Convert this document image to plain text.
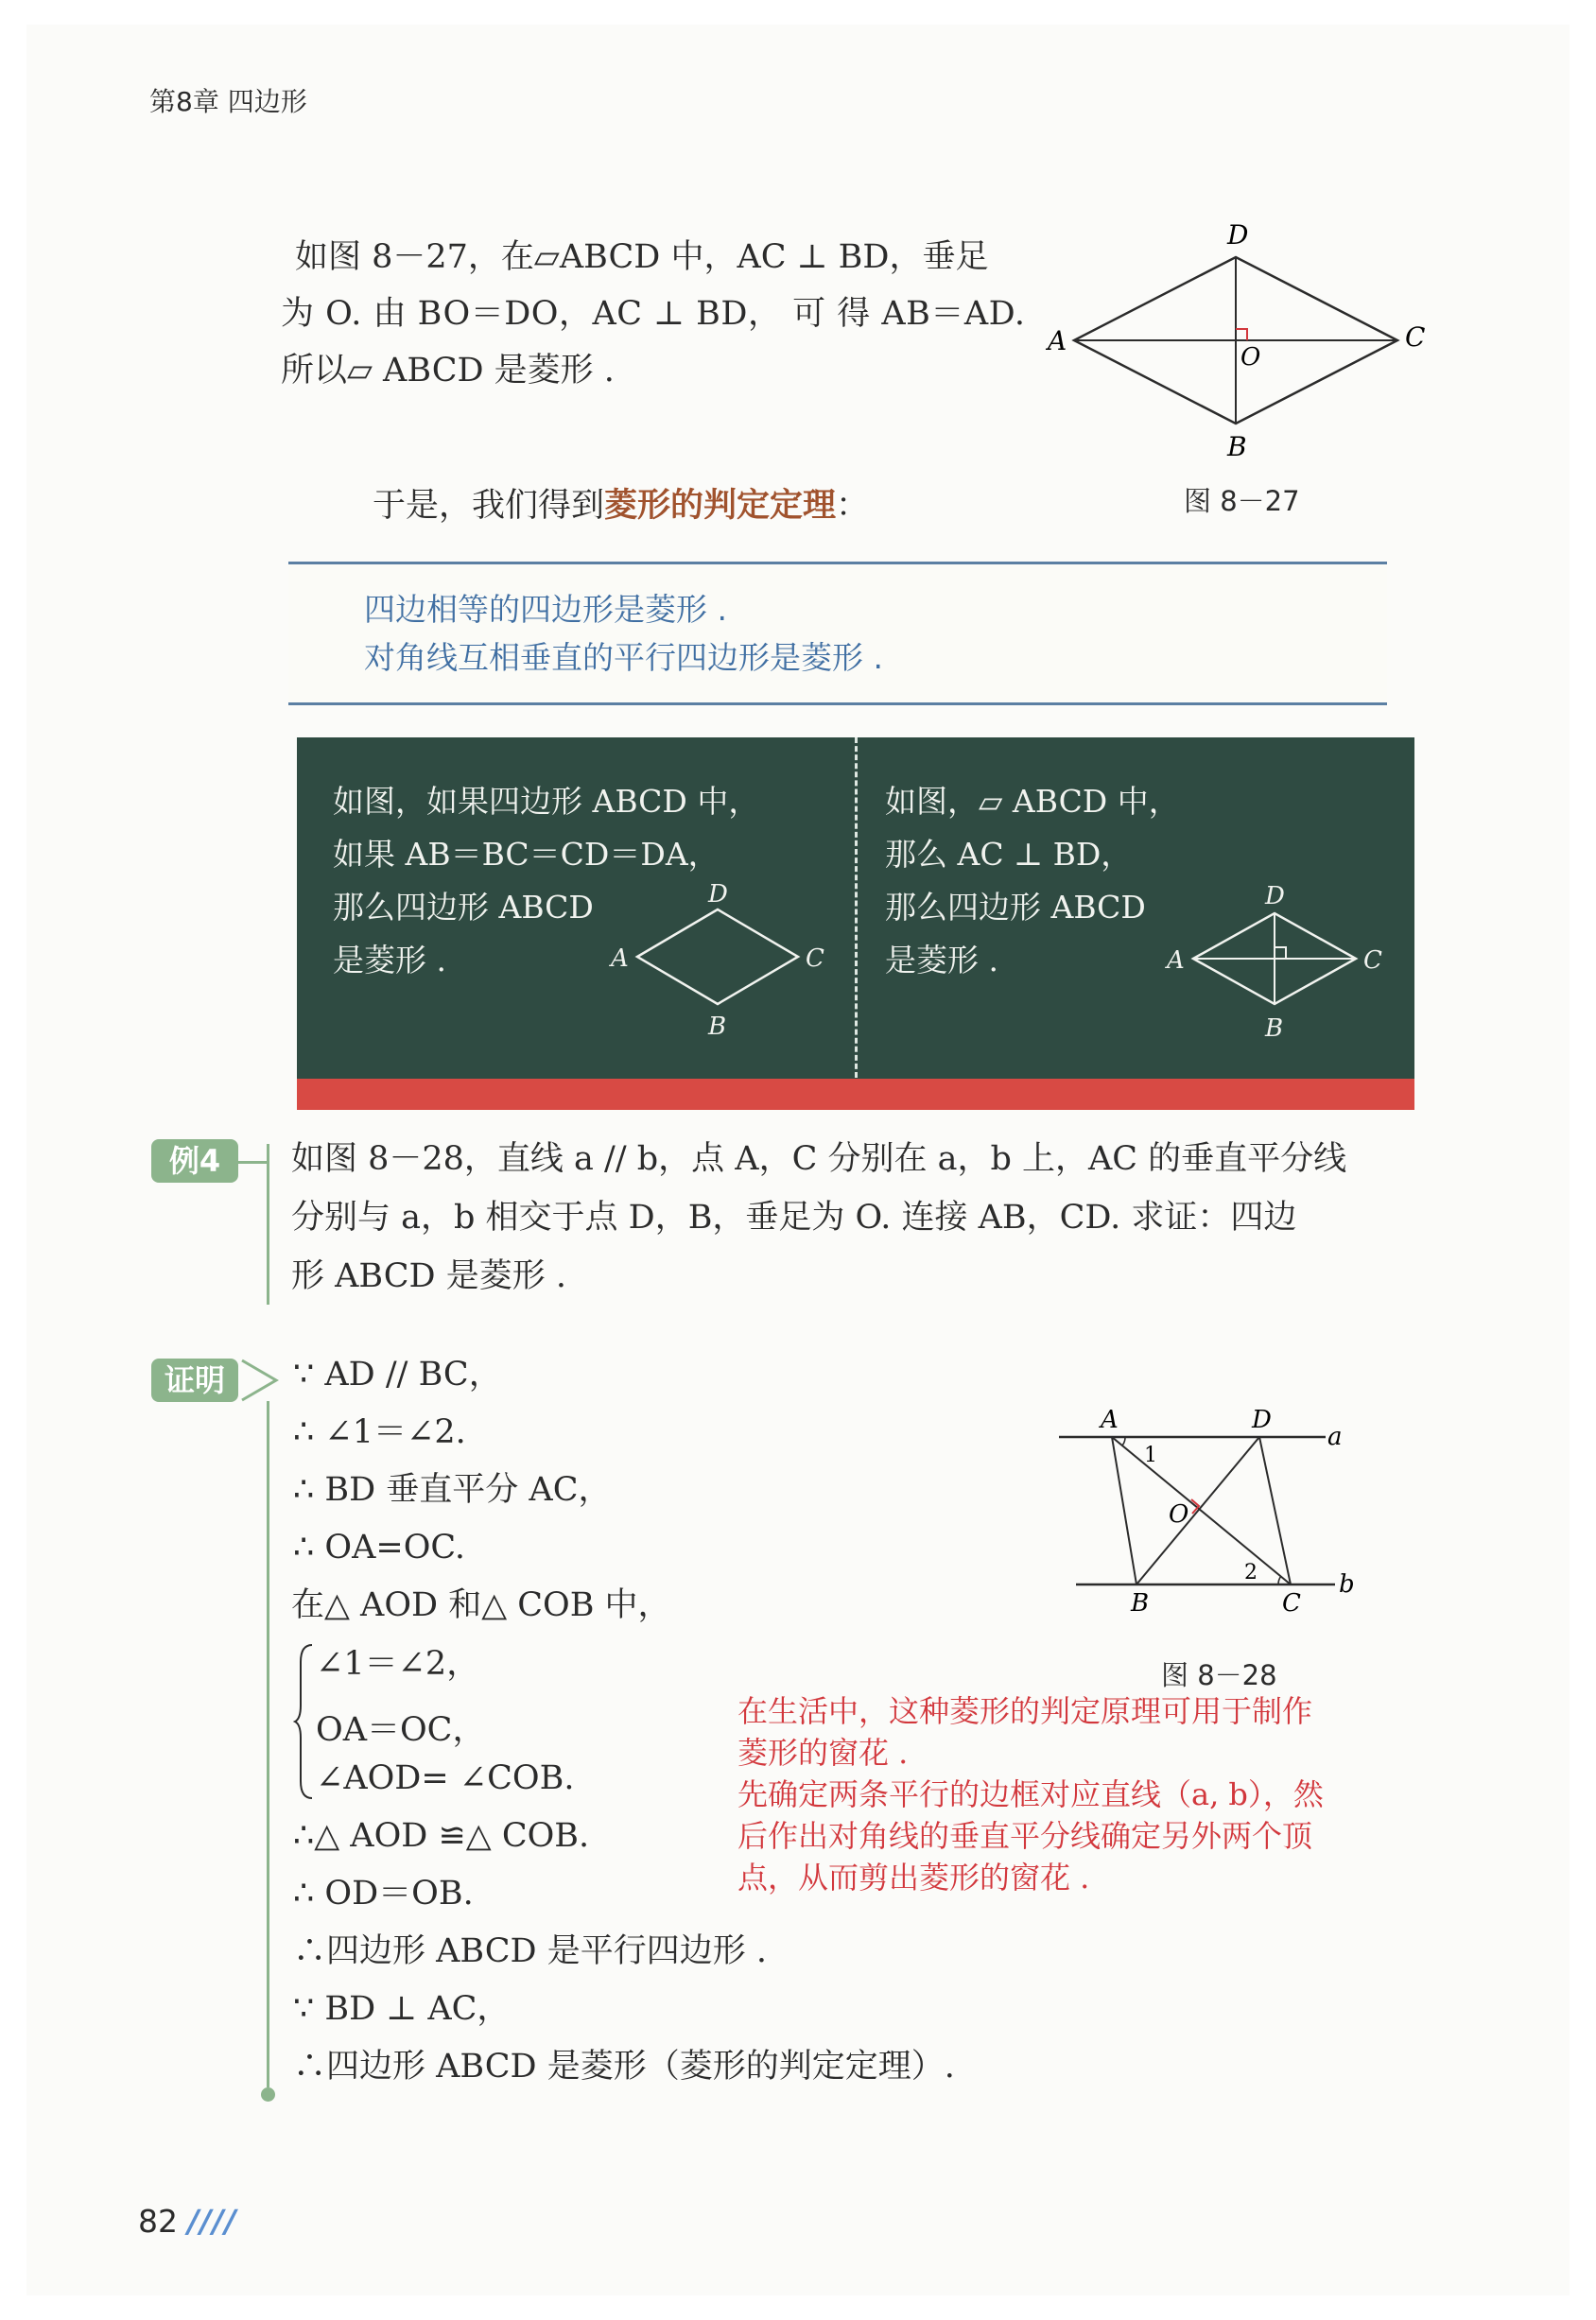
第8章 四边形
如图 8－27，在▱ABCD 中，AC ⊥ BD，垂足
为 O. 由 BO＝DO，AC ⊥ BD， 可 得 AB＝AD.
所以▱ ABCD 是菱形 .
A
D
C
B
O
图 8－27
于是，我们得到菱形的判定定理：
四边相等的四边形是菱形 .
对角线互相垂直的平行四边形是菱形 .
如图，如果四边形 ABCD 中，
如果 AB＝BC＝CD＝DA，
那么四边形 ABCD
是菱形 .	A
D
C
B
如图，▱ ABCD 中，
那么 AC ⊥ BD，
那么四边形 ABCD
是菱形 .	A
D
C
B
例4	如图 8－28，直线 a // b，点 A，C 分别在 a，b 上，AC 的垂直平分线
分别与 a，b 相交于点 D，B，垂足为 O. 连接 AB，CD. 求证：四边
形 ABCD 是菱形 .
证明	∵ AD // BC，
∴ ∠1＝∠2.
∴ BD 垂直平分 AC，
∴ OA=OC.
在△ AOD 和△ COB 中，
∠1＝∠2，
OA＝OC，
∠AOD= ∠COB.
∴△ AOD ≌△ COB.
∴ OD＝OB.
∴四边形 ABCD 是平行四边形 .
∵ BD ⊥ AC，
∴四边形 ABCD 是菱形（菱形的判定定理）.
A	D
a
b
B	C
O
1
2
图 8－28
在生活中，这种菱形的判定原理可用于制作
菱形的窗花 .
先确定两条平行的边框对应直线（a, b），然
后作出对角线的垂直平分线确定另外两个顶
点，从而剪出菱形的窗花 .
82 ////
